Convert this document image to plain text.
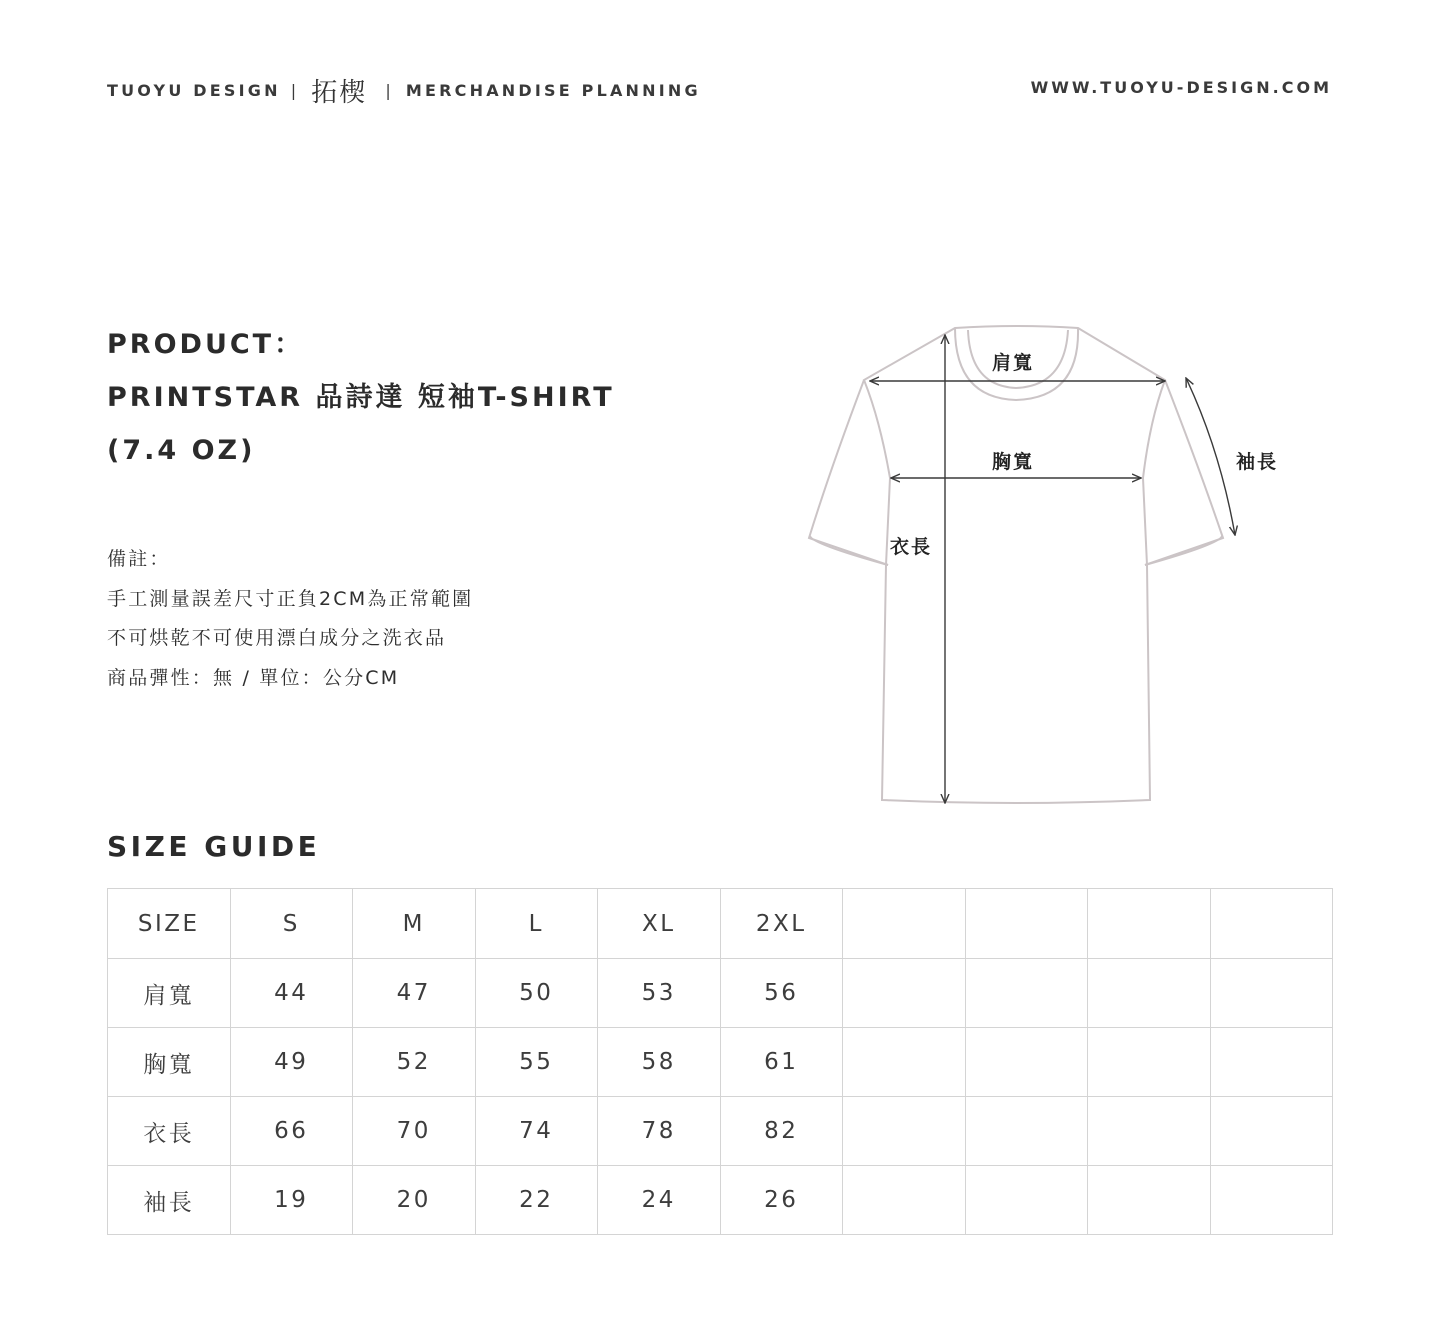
TUOYU DESIGN | 拓楔 | MERCHANDISE PLANNING	WWW.TUOYU-DESIGN.COM
PRODUCT：
PRINTSTAR 品詩達 短袖T-SHIRT
(7.4 OZ)
備註：
手工測量誤差尺寸正負2CM為正常範圍
不可烘乾不可使用漂白成分之洗衣品
商品彈性：無 / 單位：公分CM
肩寬
胸寬	袖長
衣長
SIZE GUIDE
SIZE	S	M	L	XL	2XL				
肩寬	44	47	50	53	56				
胸寬	49	52	55	58	61				
衣長	66	70	74	78	82				
袖長	19	20	22	24	26				
